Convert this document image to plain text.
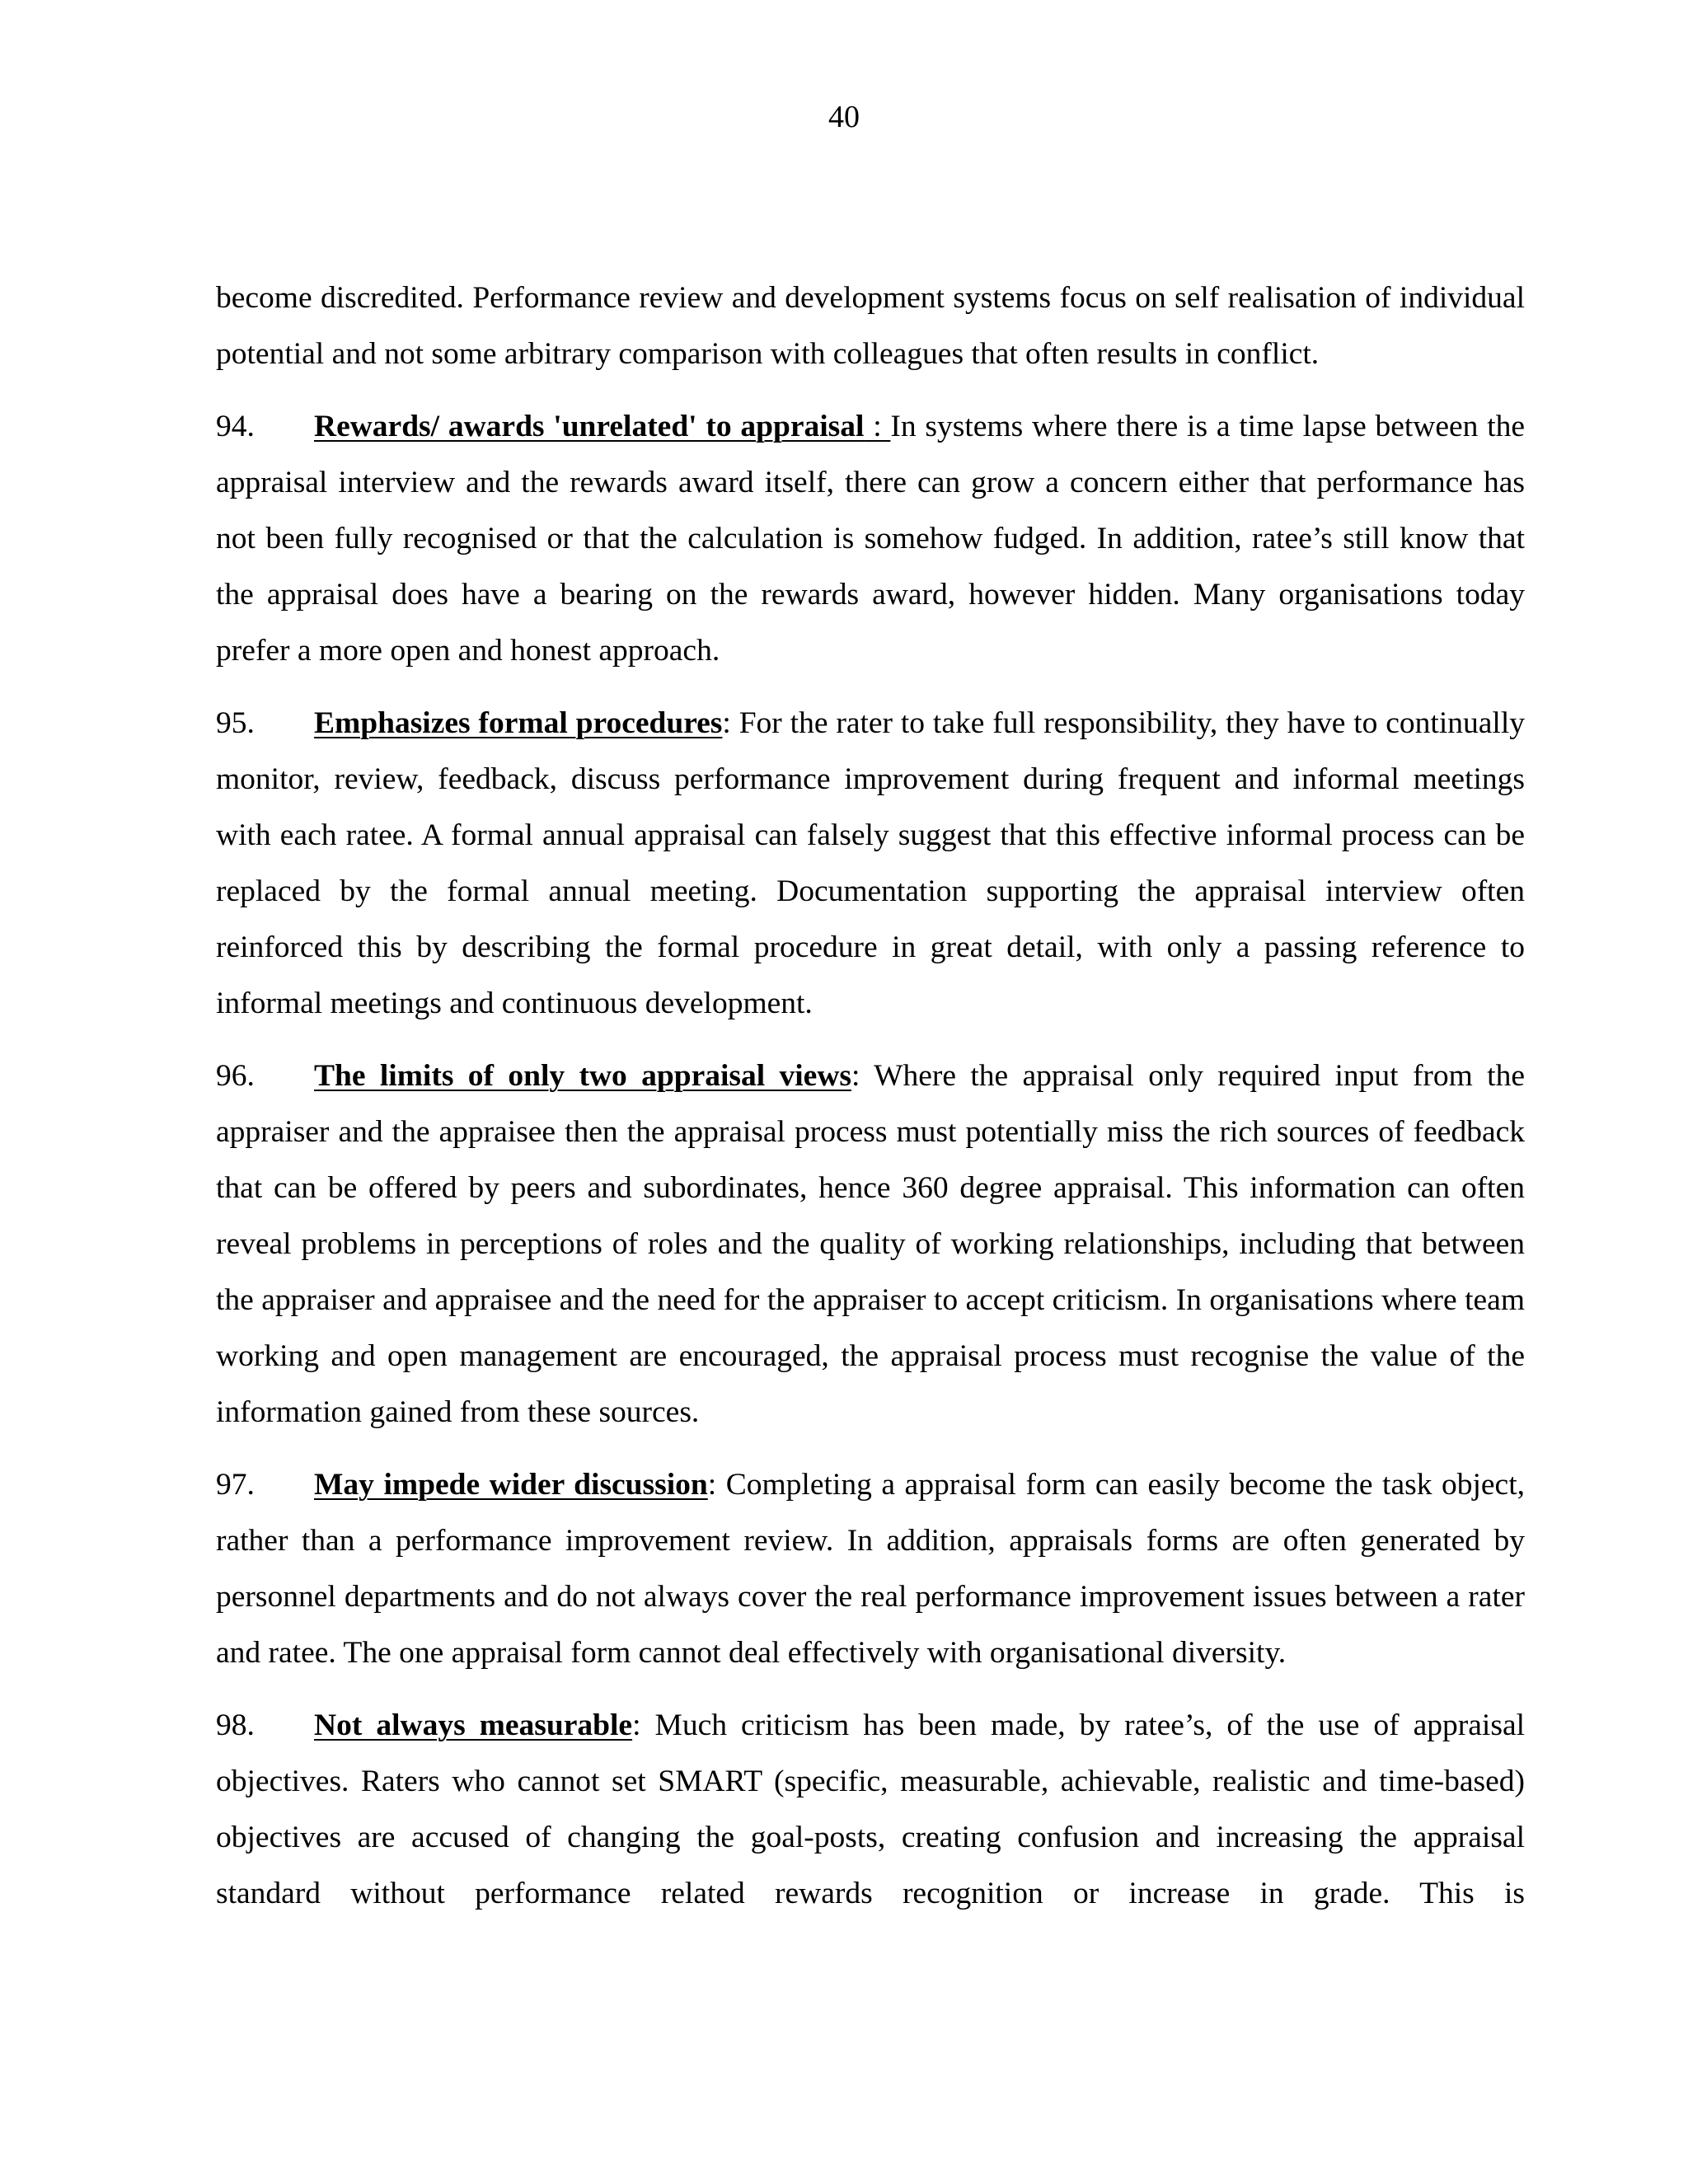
40

become discredited. Performance review and development systems focus on self realisation of individual potential and not some arbitrary comparison with colleagues that often results in conflict.

94. Rewards/ awards 'unrelated' to appraisal : In systems where there is a time lapse between the appraisal interview and the rewards award itself, there can grow a concern either that performance has not been fully recognised or that the calculation is somehow fudged. In addition, ratee’s still know that the appraisal does have a bearing on the rewards award, however hidden. Many organisations today prefer a more open and honest approach.

95. Emphasizes formal procedures: For the rater to take full responsibility, they have to continually monitor, review, feedback, discuss performance improvement during frequent and informal meetings with each ratee. A formal annual appraisal can falsely suggest that this effective informal process can be replaced by the formal annual meeting. Documentation supporting the appraisal interview often reinforced this by describing the formal procedure in great detail, with only a passing reference to informal meetings and continuous development.

96. The limits of only two appraisal views: Where the appraisal only required input from the appraiser and the appraisee then the appraisal process must potentially miss the rich sources of feedback that can be offered by peers and subordinates, hence 360 degree appraisal. This information can often reveal problems in perceptions of roles and the quality of working relationships, including that between the appraiser and appraisee and the need for the appraiser to accept criticism. In organisations where team working and open management are encouraged, the appraisal process must recognise the value of the information gained from these sources.

97. May impede wider discussion: Completing a appraisal form can easily become the task object, rather than a performance improvement review. In addition, appraisals forms are often generated by personnel departments and do not always cover the real performance improvement issues between a rater and ratee. The one appraisal form cannot deal effectively with organisational diversity.

98. Not always measurable: Much criticism has been made, by ratee’s, of the use of appraisal objectives. Raters who cannot set SMART (specific, measurable, achievable, realistic and time-based) objectives are accused of changing the goal-posts, creating confusion and increasing the appraisal standard without performance related rewards recognition or increase in grade. This is
